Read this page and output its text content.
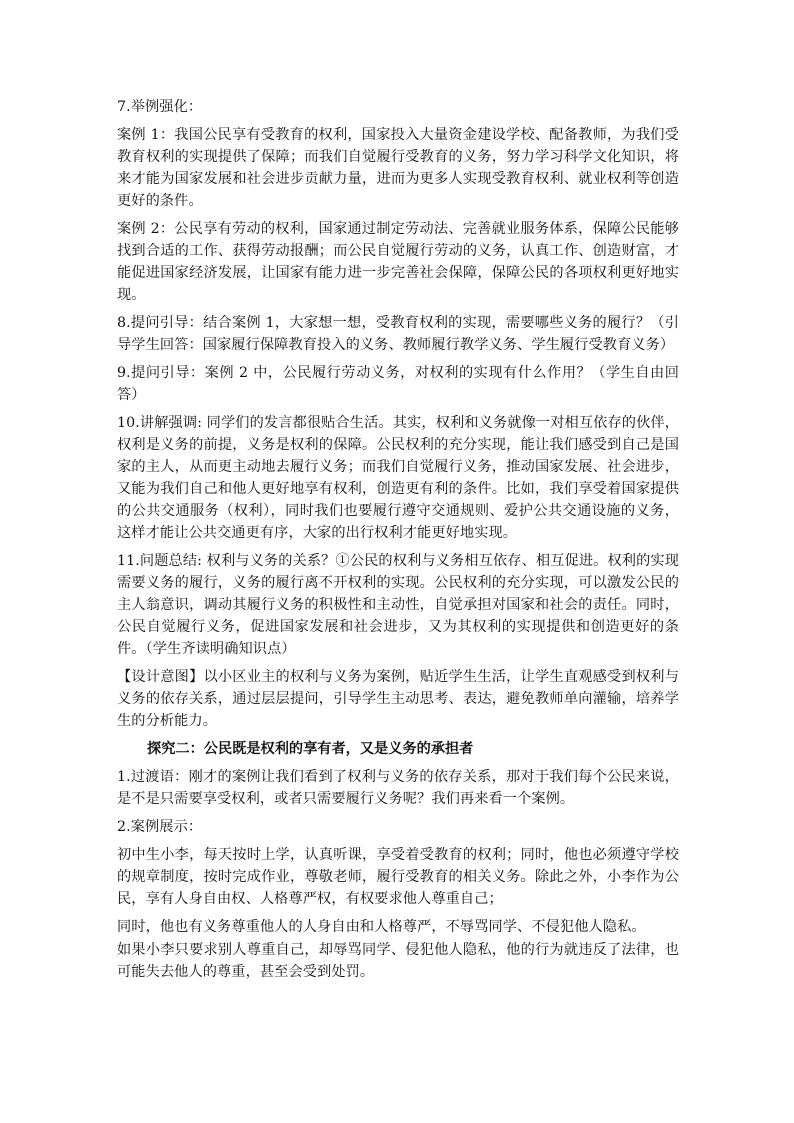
7.举例强化：

案例 1：我国公民享有受教育的权利，国家投入大量资金建设学校、配备教师，为我们受教育权利的实现提供了保障；而我们自觉履行受教育的义务，努力学习科学文化知识，将来才能为国家发展和社会进步贡献力量，进而为更多人实现受教育权利、就业权利等创造更好的条件。

案例 2：公民享有劳动的权利，国家通过制定劳动法、完善就业服务体系，保障公民能够找到合适的工作、获得劳动报酬；而公民自觉履行劳动的义务，认真工作、创造财富，才能促进国家经济发展，让国家有能力进一步完善社会保障，保障公民的各项权利更好地实现。

8.提问引导：结合案例 1，大家想一想，受教育权利的实现，需要哪些义务的履行？（引导学生回答：国家履行保障教育投入的义务、教师履行教学义务、学生履行受教育义务）

9.提问引导：案例 2 中，公民履行劳动义务，对权利的实现有什么作用？（学生自由回答）

10.讲解强调: 同学们的发言都很贴合生活。其实，权利和义务就像一对相互依存的伙伴，权利是义务的前提，义务是权利的保障。公民权利的充分实现，能让我们感受到自己是国家的主人，从而更主动地去履行义务；而我们自觉履行义务，推动国家发展、社会进步，又能为我们自己和他人更好地享有权利，创造更有利的条件。比如，我们享受着国家提供的公共交通服务（权利），同时我们也要履行遵守交通规则、爱护公共交通设施的义务，这样才能让公共交通更有序，大家的出行权利才能更好地实现。

11.问题总结: 权利与义务的关系？①公民的权利与义务相互依存、相互促进。权利的实现需要义务的履行，义务的履行离不开权利的实现。公民权利的充分实现，可以激发公民的主人翁意识，调动其履行义务的积极性和主动性，自觉承担对国家和社会的责任。同时，公民自觉履行义务，促进国家发展和社会进步，又为其权利的实现提供和创造更好的条件。（学生齐读明确知识点）

【设计意图】以小区业主的权利与义务为案例，贴近学生生活，让学生直观感受到权利与义务的依存关系，通过层层提问，引导学生主动思考、表达，避免教师单向灌输，培养学生的分析能力。

探究二：公民既是权利的享有者，又是义务的承担者

1.过渡语：刚才的案例让我们看到了权利与义务的依存关系，那对于我们每个公民来说，是不是只需要享受权利，或者只需要履行义务呢？我们再来看一个案例。

2.案例展示：

初中生小李，每天按时上学，认真听课，享受着受教育的权利；同时，他也必须遵守学校的规章制度，按时完成作业，尊敬老师，履行受教育的相关义务。除此之外，小李作为公民，享有人身自由权、人格尊严权，有权要求他人尊重自己；

同时，他也有义务尊重他人的人身自由和人格尊严，不辱骂同学、不侵犯他人隐私。

如果小李只要求别人尊重自己，却辱骂同学、侵犯他人隐私，他的行为就违反了法律，也可能失去他人的尊重，甚至会受到处罚。
